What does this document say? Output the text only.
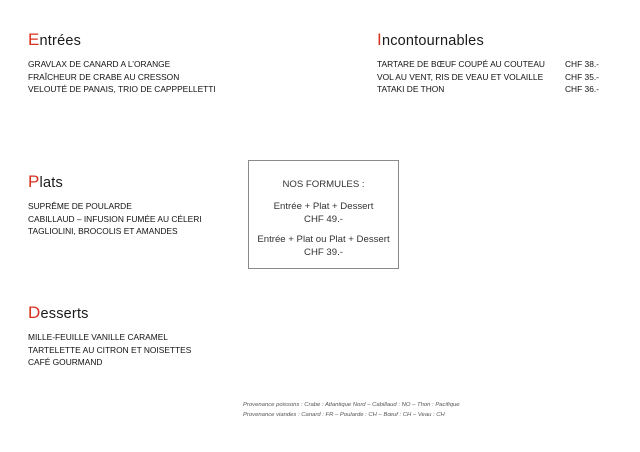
Entrées
GRAVLAX DE CANARD A L’ORANGE
FRAÎCHEUR DE CRABE AU CRESSON
VELOUTÉ DE PANAIS, TRIO DE CAPPPELLETTI
Incontournables
TARTARE DE BŒUF COUPÉ AU COUTEAU CHF 38.-
VOL AU VENT, RIS DE VEAU ET VOLAILLE	CHF 35.-
TATAKI DE THON	CHF 36.-
Plats
SUPRÊME DE POULARDE
CABILLAUD – INFUSION FUMÉE AU CÉLERI
TAGLIOLINI, BROCOLIS ET AMANDES
NOS FORMULES :
Entrée + Plat + Dessert
CHF 49.-
Entrée + Plat ou Plat + Dessert
CHF 39.-
Desserts
MILLE-FEUILLE VANILLE CARAMEL
TARTELETTE AU CITRON ET NOISETTES
CAFÉ GOURMAND
Provenance poissons : Crabe : Atlantique Nord – Cabillaud : NO – Thon : Pacifique
Provenance viandes : Canard : FR – Poularde : CH – Bœuf : CH – Veau : CH
